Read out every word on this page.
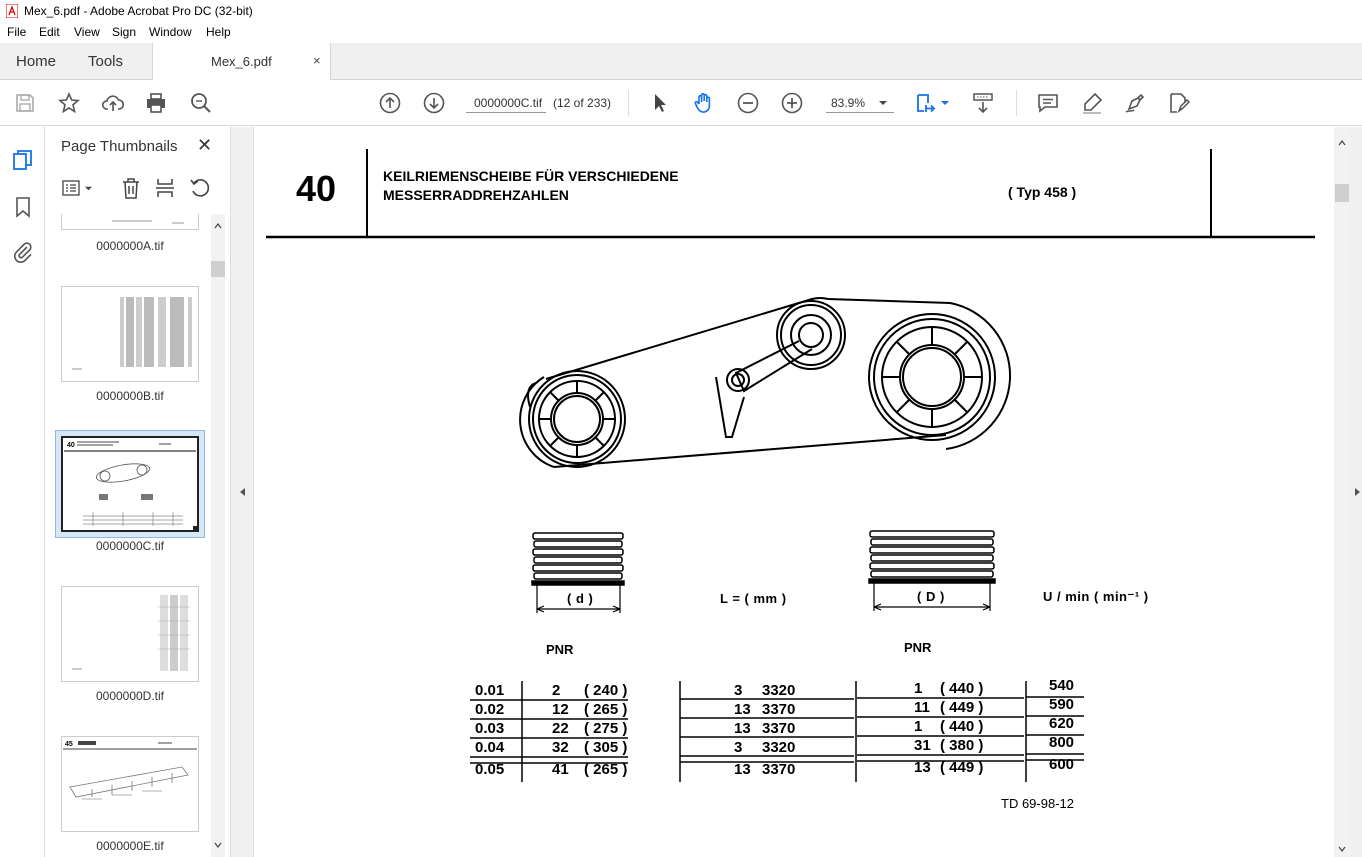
Mex_6.pdf - Adobe Acrobat Pro DC (32-bit)
File Edit View Sign Window Help
Home Tools	Mex_6.pdf	×
0000000C.tif (12 of 233)	83.9%
Page Thumbnails ✕
0000000A.tif
0000000B.tif
40
0000000C.tif
0000000D.tif
45
0000000E.tif
40	KEILRIEMENSCHEIBE FÜR VERSCHIEDENE
MESSERRADDREHZAHLEN	( Typ 458 )
( d )	L = ( mm )	( D )	U / min ( min⁻¹ )
PNR	PNR
0.01	2 ( 240 )	3 3320	1 ( 440 )	540
0.02	12 ( 265 )	13 3370	11 ( 449 )	590
0.03	22 ( 275 )	13 3370	1 ( 440 )	620
0.04	32 ( 305 )	3 3320	31 ( 380 )	800
0.05	41 ( 265 )	13 3370	13 ( 449 )	600
TD 69-98-12
